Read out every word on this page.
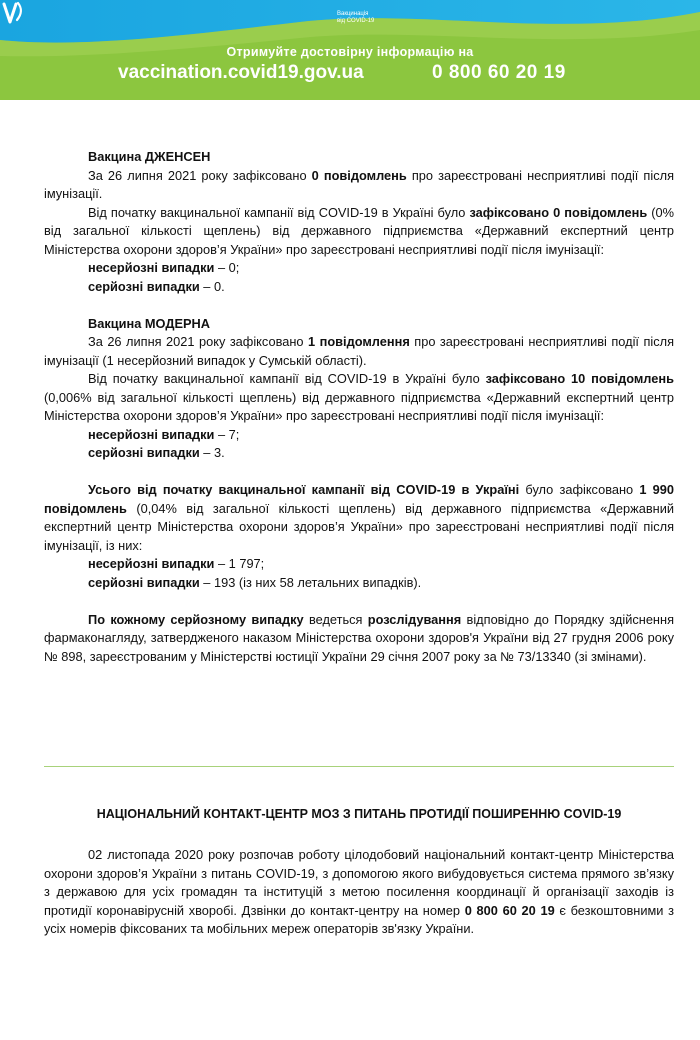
Вакцинація
від COVID-19
Отримуйте достовірну інформацію на
vaccination.covid19.gov.ua	0 800 60 20 19

Вакцина ДЖЕНСЕН

За 26 липня 2021 року зафіксовано 0 повідомлень про зареєстровані несприятливі події після імунізації.

Від початку вакцинальної кампанії від COVID-19 в Україні було зафіксовано 0 повідомлень (0% від загальної кількості щеплень) від державного підприємства «Державний експертний центр Міністерства охорони здоров’я України» про зареєстровані несприятливі події після імунізації:

несерйозні випадки – 0;

серйозні випадки – 0.

Вакцина МОДЕРНА

За 26 липня 2021 року зафіксовано 1 повідомлення про зареєстровані несприятливі події після імунізації (1 несерйозний випадок у Сумській області).

Від початку вакцинальної кампанії від COVID-19 в Україні було зафіксовано 10 повідомлень (0,006% від загальної кількості щеплень) від державного підприємства «Державний експертний центр Міністерства охорони здоров’я України» про зареєстровані несприятливі події після імунізації:

несерйозні випадки – 7;

серйозні випадки – 3.

Усього від початку вакцинальної кампанії від COVID-19 в Україні було зафіксовано 1 990 повідомлень (0,04% від загальної кількості щеплень) від державного підприємства «Державний експертний центр Міністерства охорони здоров’я України» про зареєстровані несприятливі події після імунізації, із них:

несерйозні випадки – 1 797;

серйозні випадки – 193 (із них 58 летальних випадків).

По кожному серйозному випадку ведеться розслідування відповідно до Порядку здійснення фармаконагляду, затвердженого наказом Міністерства охорони здоров'я України від 27 грудня 2006 року № 898, зареєстрованим у Міністерстві юстиції України 29 січня 2007 року за № 73/13340 (зі змінами).

НАЦІОНАЛЬНИЙ КОНТАКТ-ЦЕНТР МОЗ З ПИТАНЬ ПРОТИДІЇ ПОШИРЕННЮ COVID-19

02 листопада 2020 року розпочав роботу цілодобовий національний контакт-центр Міністерства охорони здоров’я України з питань COVID-19, з допомогою якого вибудовується система прямого зв’язку з державою для усіх громадян та інституцій з метою посилення координації й організації заходів із протидії коронавірусній хворобі. Дзвінки до контакт-центру на номер 0 800 60 20 19 є безкоштовними з усіх номерів фіксованих та мобільних мереж операторів зв'язку України.
